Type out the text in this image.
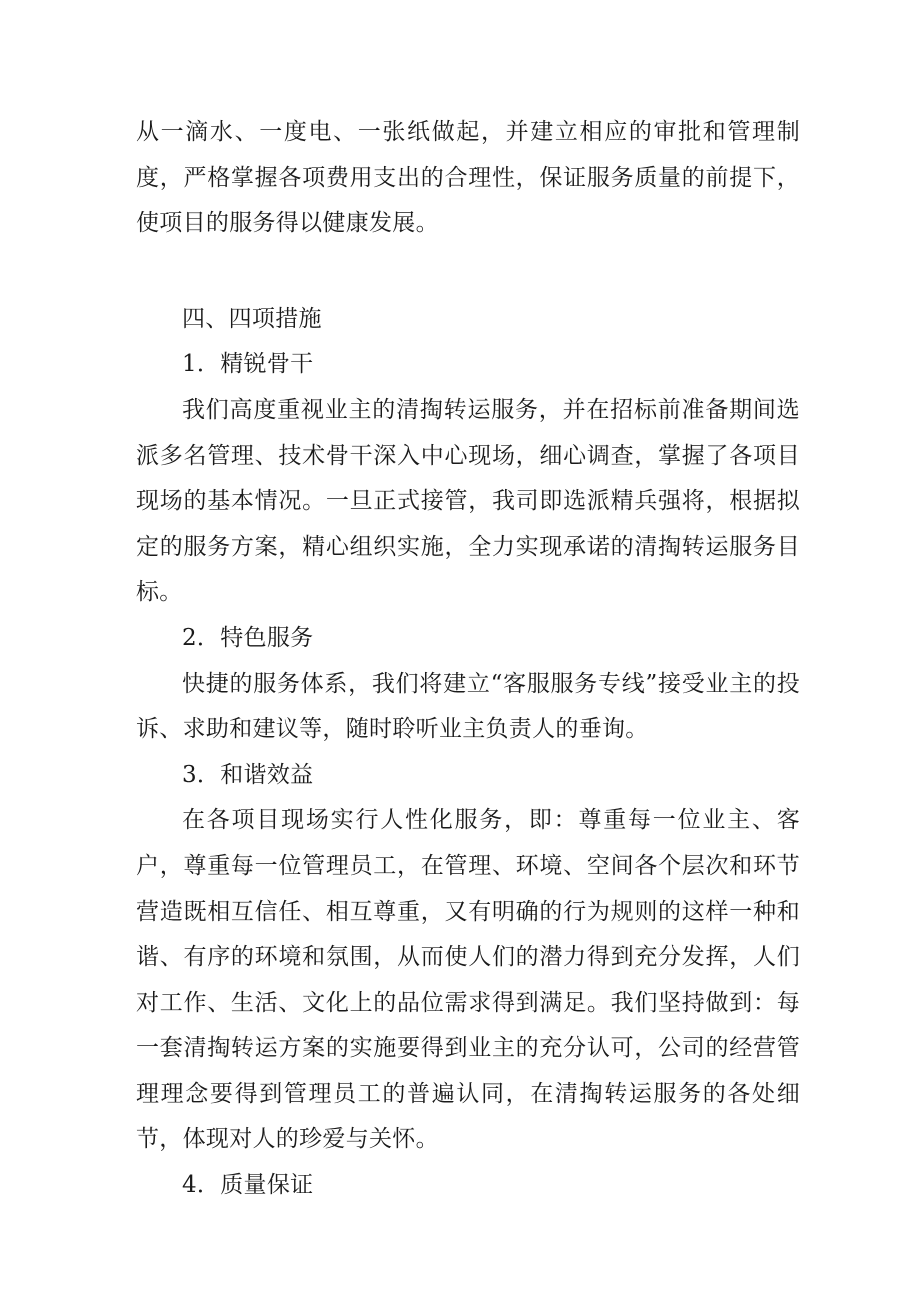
从一滴水、一度电、一张纸做起，并建立相应的审批和管理制度，严格掌握各项费用支出的合理性，保证服务质量的前提下，使项目的服务得以健康发展。

四、四项措施

1．精锐骨干

我们高度重视业主的清掏转运服务，并在招标前准备期间选派多名管理、技术骨干深入中心现场，细心调查，掌握了各项目现场的基本情况。一旦正式接管，我司即选派精兵强将，根据拟定的服务方案，精心组织实施，全力实现承诺的清掏转运服务目标。

2．特色服务

快捷的服务体系，我们将建立“客服服务专线”接受业主的投诉、求助和建议等，随时聆听业主负责人的垂询。

3．和谐效益

在各项目现场实行人性化服务，即：尊重每一位业主、客户，尊重每一位管理员工，在管理、环境、空间各个层次和环节营造既相互信任、相互尊重，又有明确的行为规则的这样一种和谐、有序的环境和氛围，从而使人们的潜力得到充分发挥，人们对工作、生活、文化上的品位需求得到满足。我们坚持做到：每一套清掏转运方案的实施要得到业主的充分认可，公司的经营管理理念要得到管理员工的普遍认同，在清掏转运服务的各处细节，体现对人的珍爱与关怀。

4．质量保证
